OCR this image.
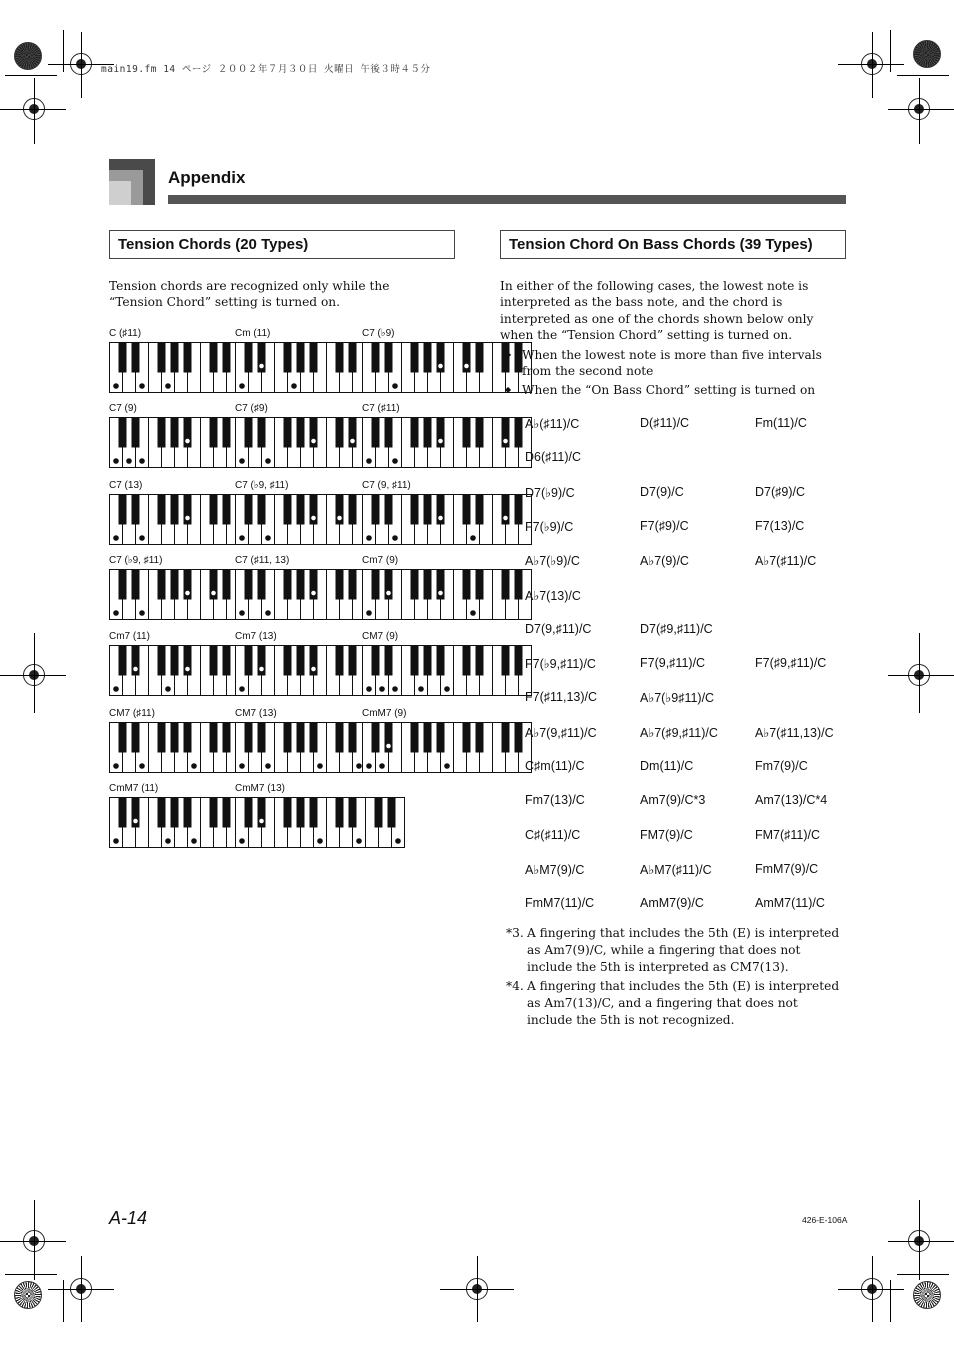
main19.fm 14 ページ ２００２年７月３０日 火曜日 午後３時４５分
Appendix
Tension Chords (20 Types)
Tension chords are recognized only while the “Tension Chord” setting is turned on.
C (♯11)	Cm (11)	C7 (♭9)
C7 (9)	C7 (♯9)	C7 (♯11)
C7 (13)	C7 (♭9, ♯11)	C7 (9, ♯11)
C7 (♭9, ♯11)	C7 (♯11, 13)	Cm7 (9)
Cm7 (11)	Cm7 (13)	CM7 (9)
CM7 (♯11)	CM7 (13)	CmM7 (9)
CmM7 (11)	CmM7 (13)
Tension Chord On Bass Chords (39 Types)
In either of the following cases, the lowest note is interpreted as the bass note, and the chord is interpreted as one of the chords shown below only when the “Tension Chord” setting is turned on.
◆ When the lowest note is more than five intervals from the second note
◆ When the “On Bass Chord” setting is turned on
A♭(♯11)/C	D(♯11)/C	Fm(11)/C
D6(♯11)/C
D7(♭9)/C	D7(9)/C	D7(♯9)/C
F7(♭9)/C	F7(♯9)/C	F7(13)/C
A♭7(♭9)/C	A♭7(9)/C	A♭7(♯11)/C
A♭7(13)/C
D7(9,♯11)/C	D7(♯9,♯11)/C
F7(♭9,♯11)/C	F7(9,♯11)/C	F7(♯9,♯11)/C
F7(♯11,13)/C	A♭7(♭9♯11)/C
A♭7(9,♯11)/C	A♭7(♯9,♯11)/C	A♭7(♯11,13)/C
C♯m(11)/C	Dm(11)/C	Fm7(9)/C
Fm7(13)/C	Am7(9)/C*3	Am7(13)/C*4
C♯(♯11)/C	FM7(9)/C	FM7(♯11)/C
A♭M7(9)/C	A♭M7(♯11)/C	FmM7(9)/C
FmM7(11)/C	AmM7(9)/C	AmM7(11)/C
*3. A fingering that includes the 5th (E) is interpreted as Am7(9)/C, while a fingering that does not include the 5th is interpreted as CM7(13).
*4. A fingering that includes the 5th (E) is interpreted as Am7(13)/C, and a fingering that does not include the 5th is not recognized.
A-14	426-E-106A
